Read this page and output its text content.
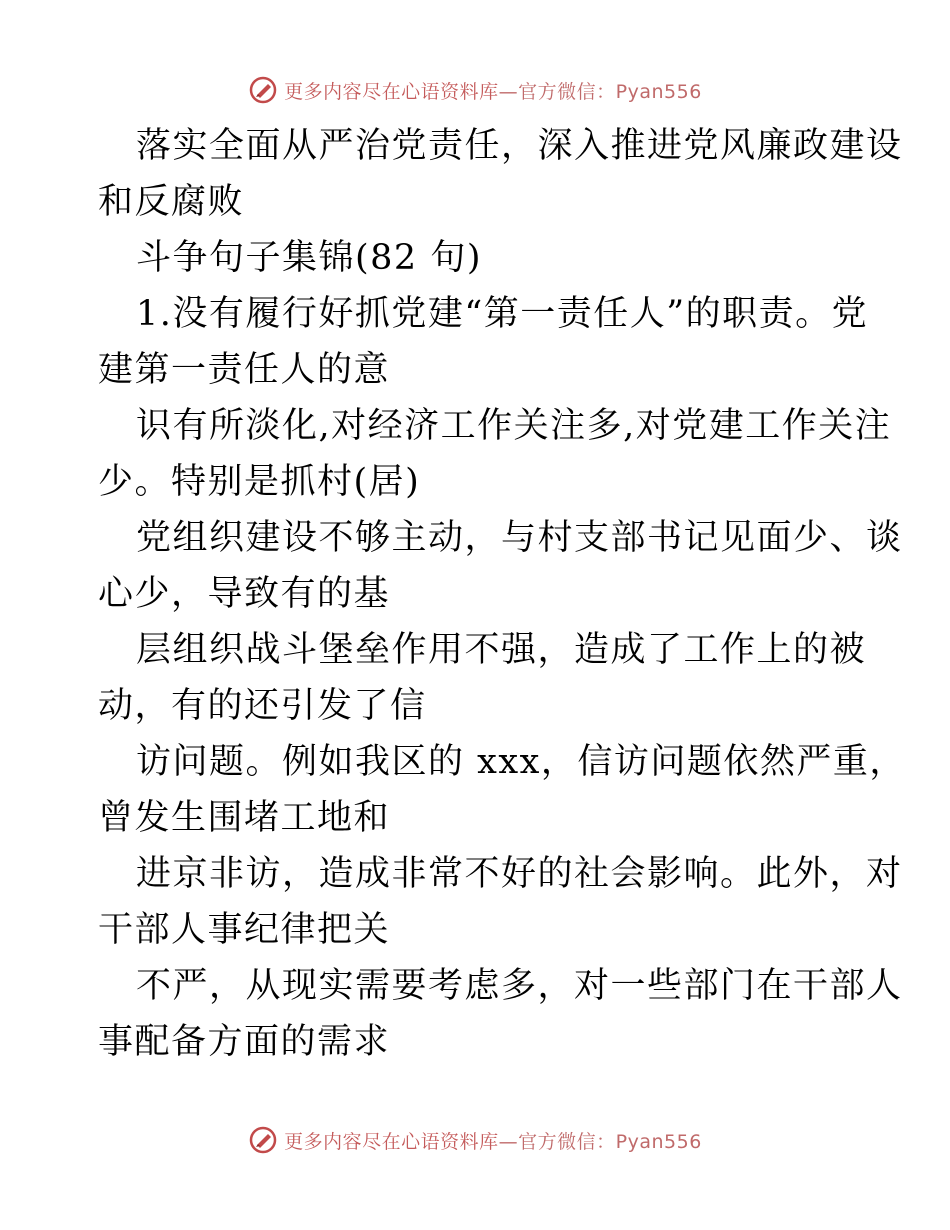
更多内容尽在心语资料库 —官方微信：Pyan556
落实全面从严治党责任，深入推进党风廉政建设
和反腐败
斗争句子集锦(82 句)
1.没有履行好抓党建“第一责任人”的职责。党
建第一责任人的意
识有所淡化,对经济工作关注多,对党建工作关注
少。特别是抓村(居)
党组织建设不够主动，与村支部书记见面少、谈
心少，导致有的基
层组织战斗堡垒作用不强，造成了工作上的被
动，有的还引发了信
访问题。例如我区的 xxx，信访问题依然严重，
曾发生围堵工地和
进京非访，造成非常不好的社会影响。此外，对
干部人事纪律把关
不严，从现实需要考虑多，对一些部门在干部人
事配备方面的需求
更多内容尽在心语资料库 —官方微信：Pyan556
